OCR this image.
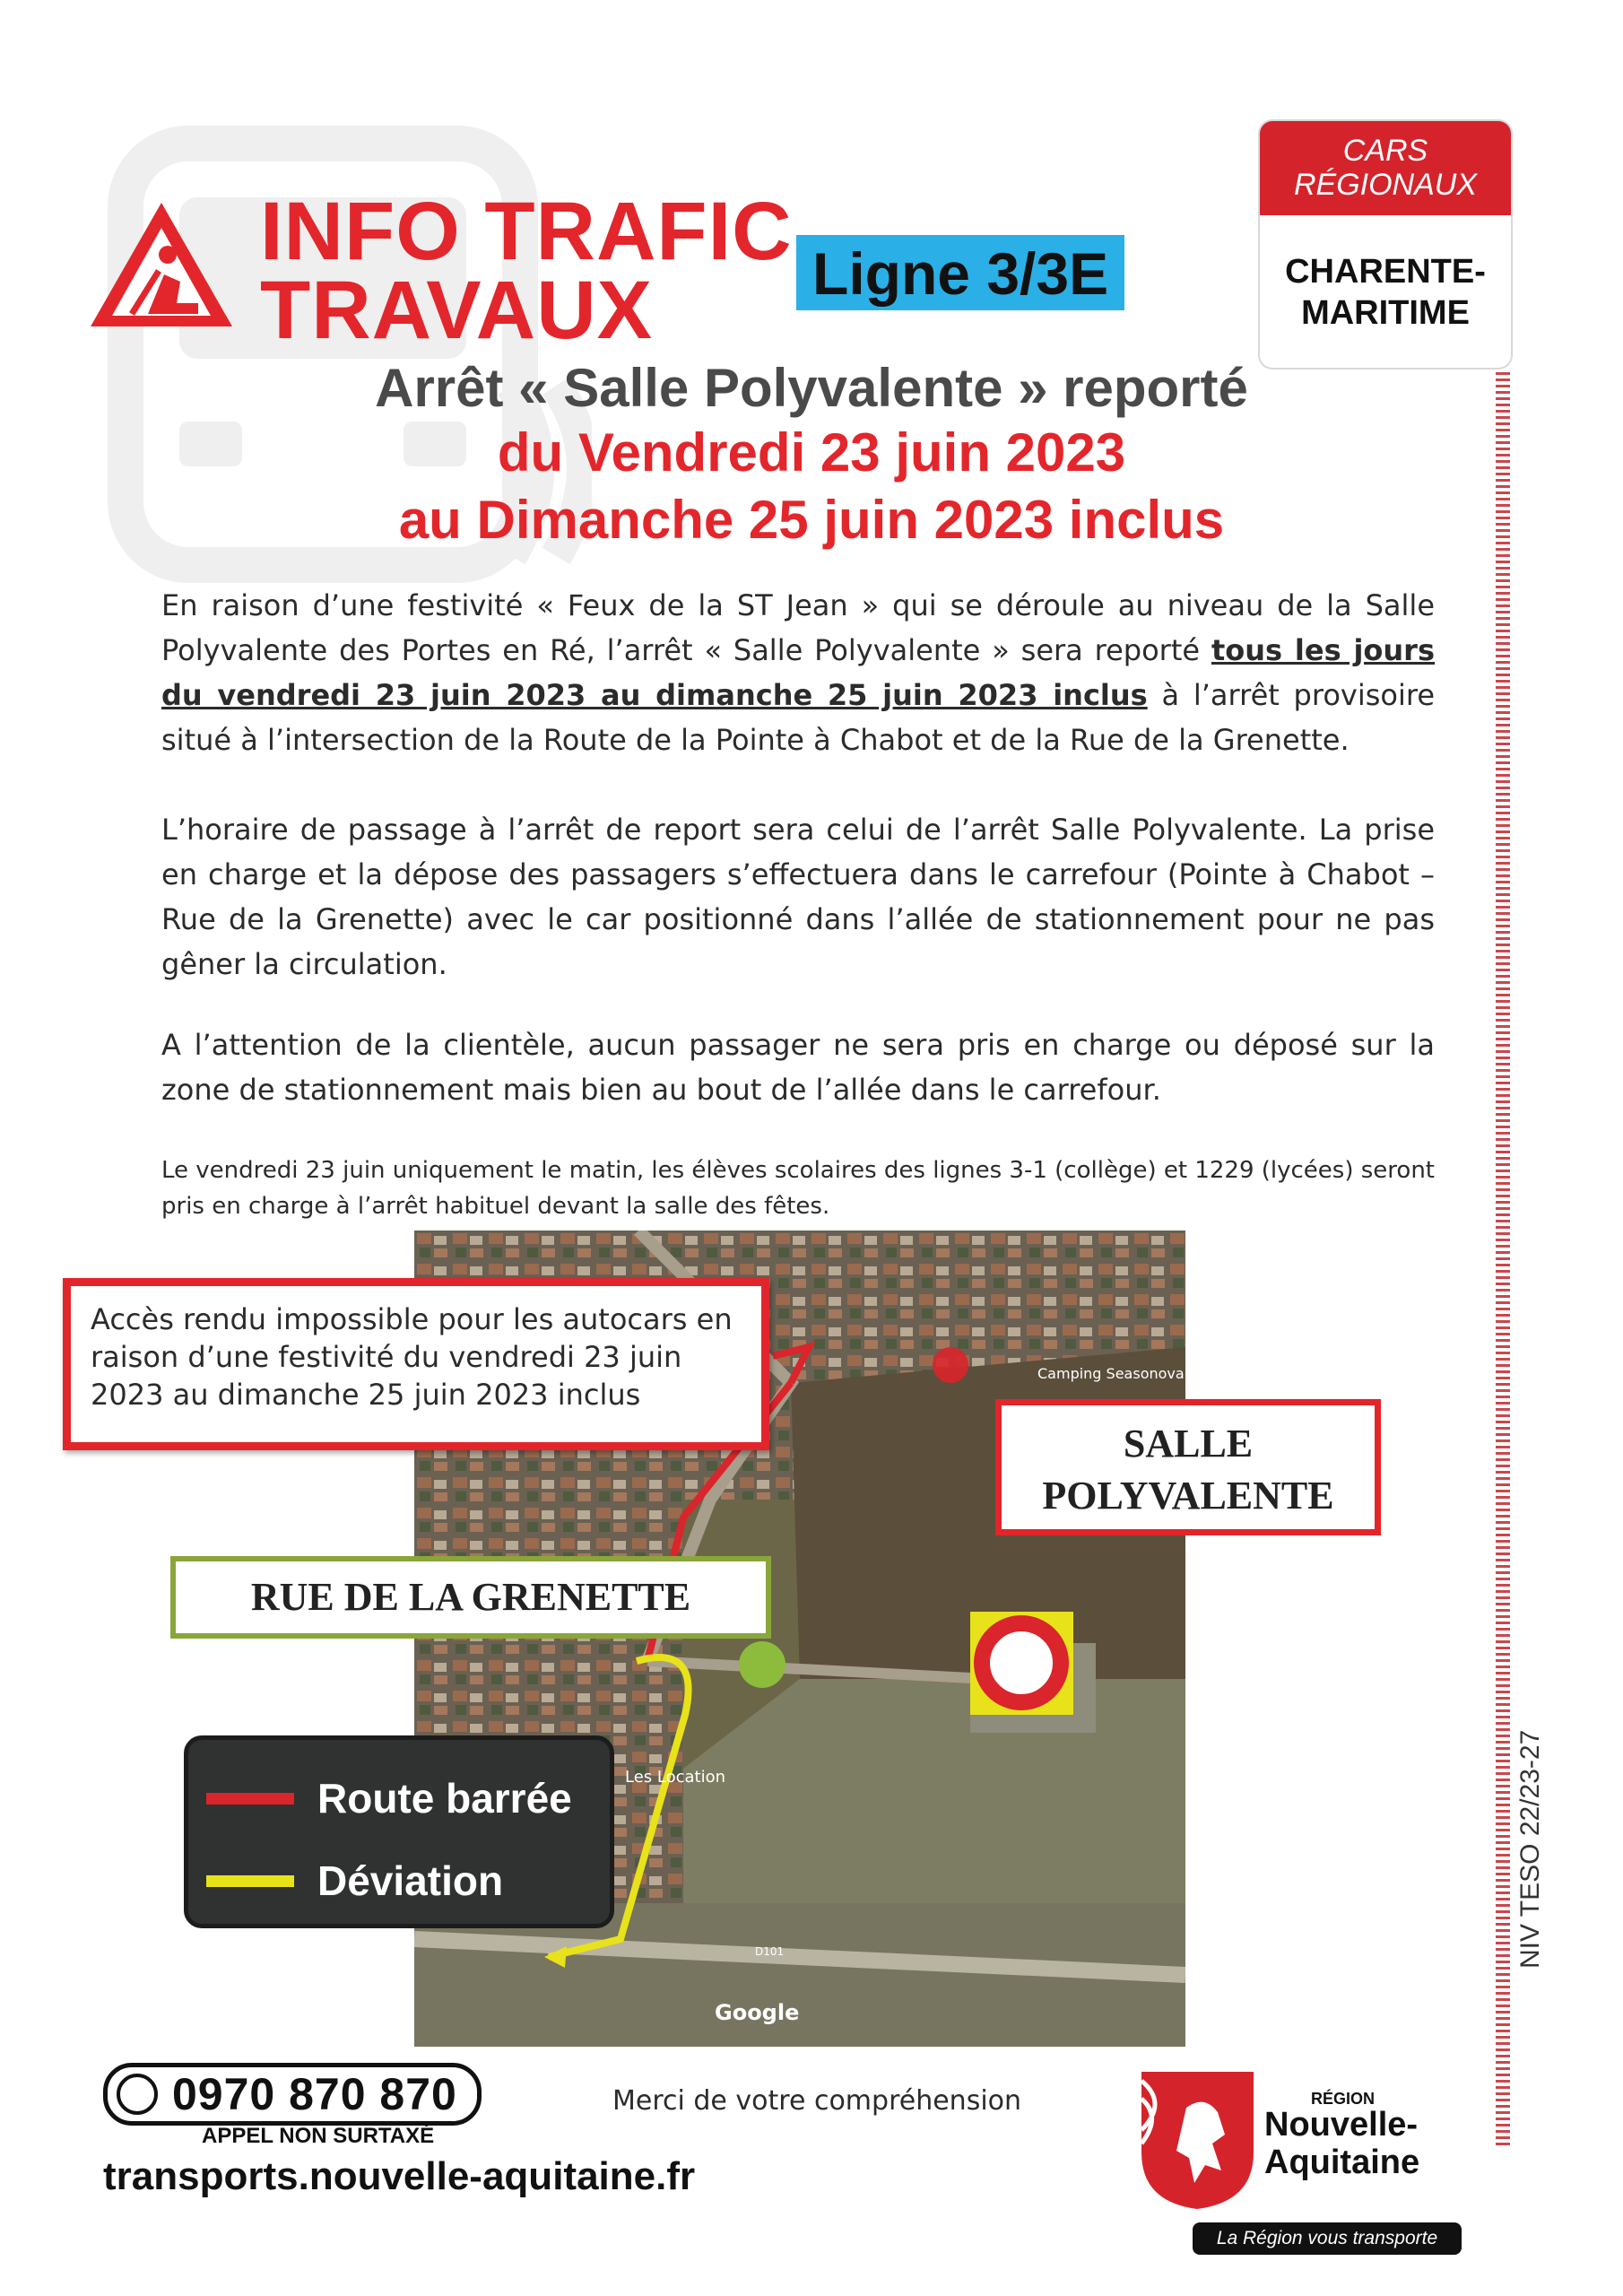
INFO TRAFIC
TRAVAUX	Ligne 3/3E
CARS RÉGIONAUX
CHARENTE-MARITIME
Arrêt « Salle Polyvalente » reporté
du Vendredi 23 juin 2023
au Dimanche 25 juin 2023 inclus
NIV TESO 22/23-27
En raison d’une festivité « Feux de la ST Jean » qui se déroule au niveau de la Salle Polyvalente des Portes en Ré, l’arrêt « Salle Polyvalente » sera reporté tous les jours du vendredi 23 juin 2023 au dimanche 25 juin 2023 inclus à l’arrêt provisoire situé à l’intersection de la Route de la Pointe à Chabot et de la Rue de la Grenette.
L’horaire de passage à l’arrêt de report sera celui de l’arrêt Salle Polyvalente. La prise en charge et la dépose des passagers s’effectuera dans le carrefour (Pointe à Chabot – Rue de la Grenette) avec le car positionné dans l’allée de stationnement pour ne pas gêner la circulation.
A l’attention de la clientèle, aucun passager ne sera pris en charge ou déposé sur la zone de stationnement mais bien au bout de l’allée dans le carrefour.
Le vendredi 23 juin uniquement le matin, les élèves scolaires des lignes 3-1 (collège) et 1229 (lycées) seront pris en charge à l’arrêt habituel devant la salle des fêtes.
Camping Seasonova
Les Location
Google
D101
Accès rendu impossible pour les autocars en raison d’une festivité du vendredi 23 juin 2023 au dimanche 25 juin 2023 inclus
SALLE POLYVALENTE
RUE DE LA GRENETTE
Route barrée
Déviation
0970 870 870
APPEL NON SURTAXÉ
transports.nouvelle-aquitaine.fr
Merci de votre compréhension	RÉGION
Nouvelle-
Aquitaine
La Région vous transporte
